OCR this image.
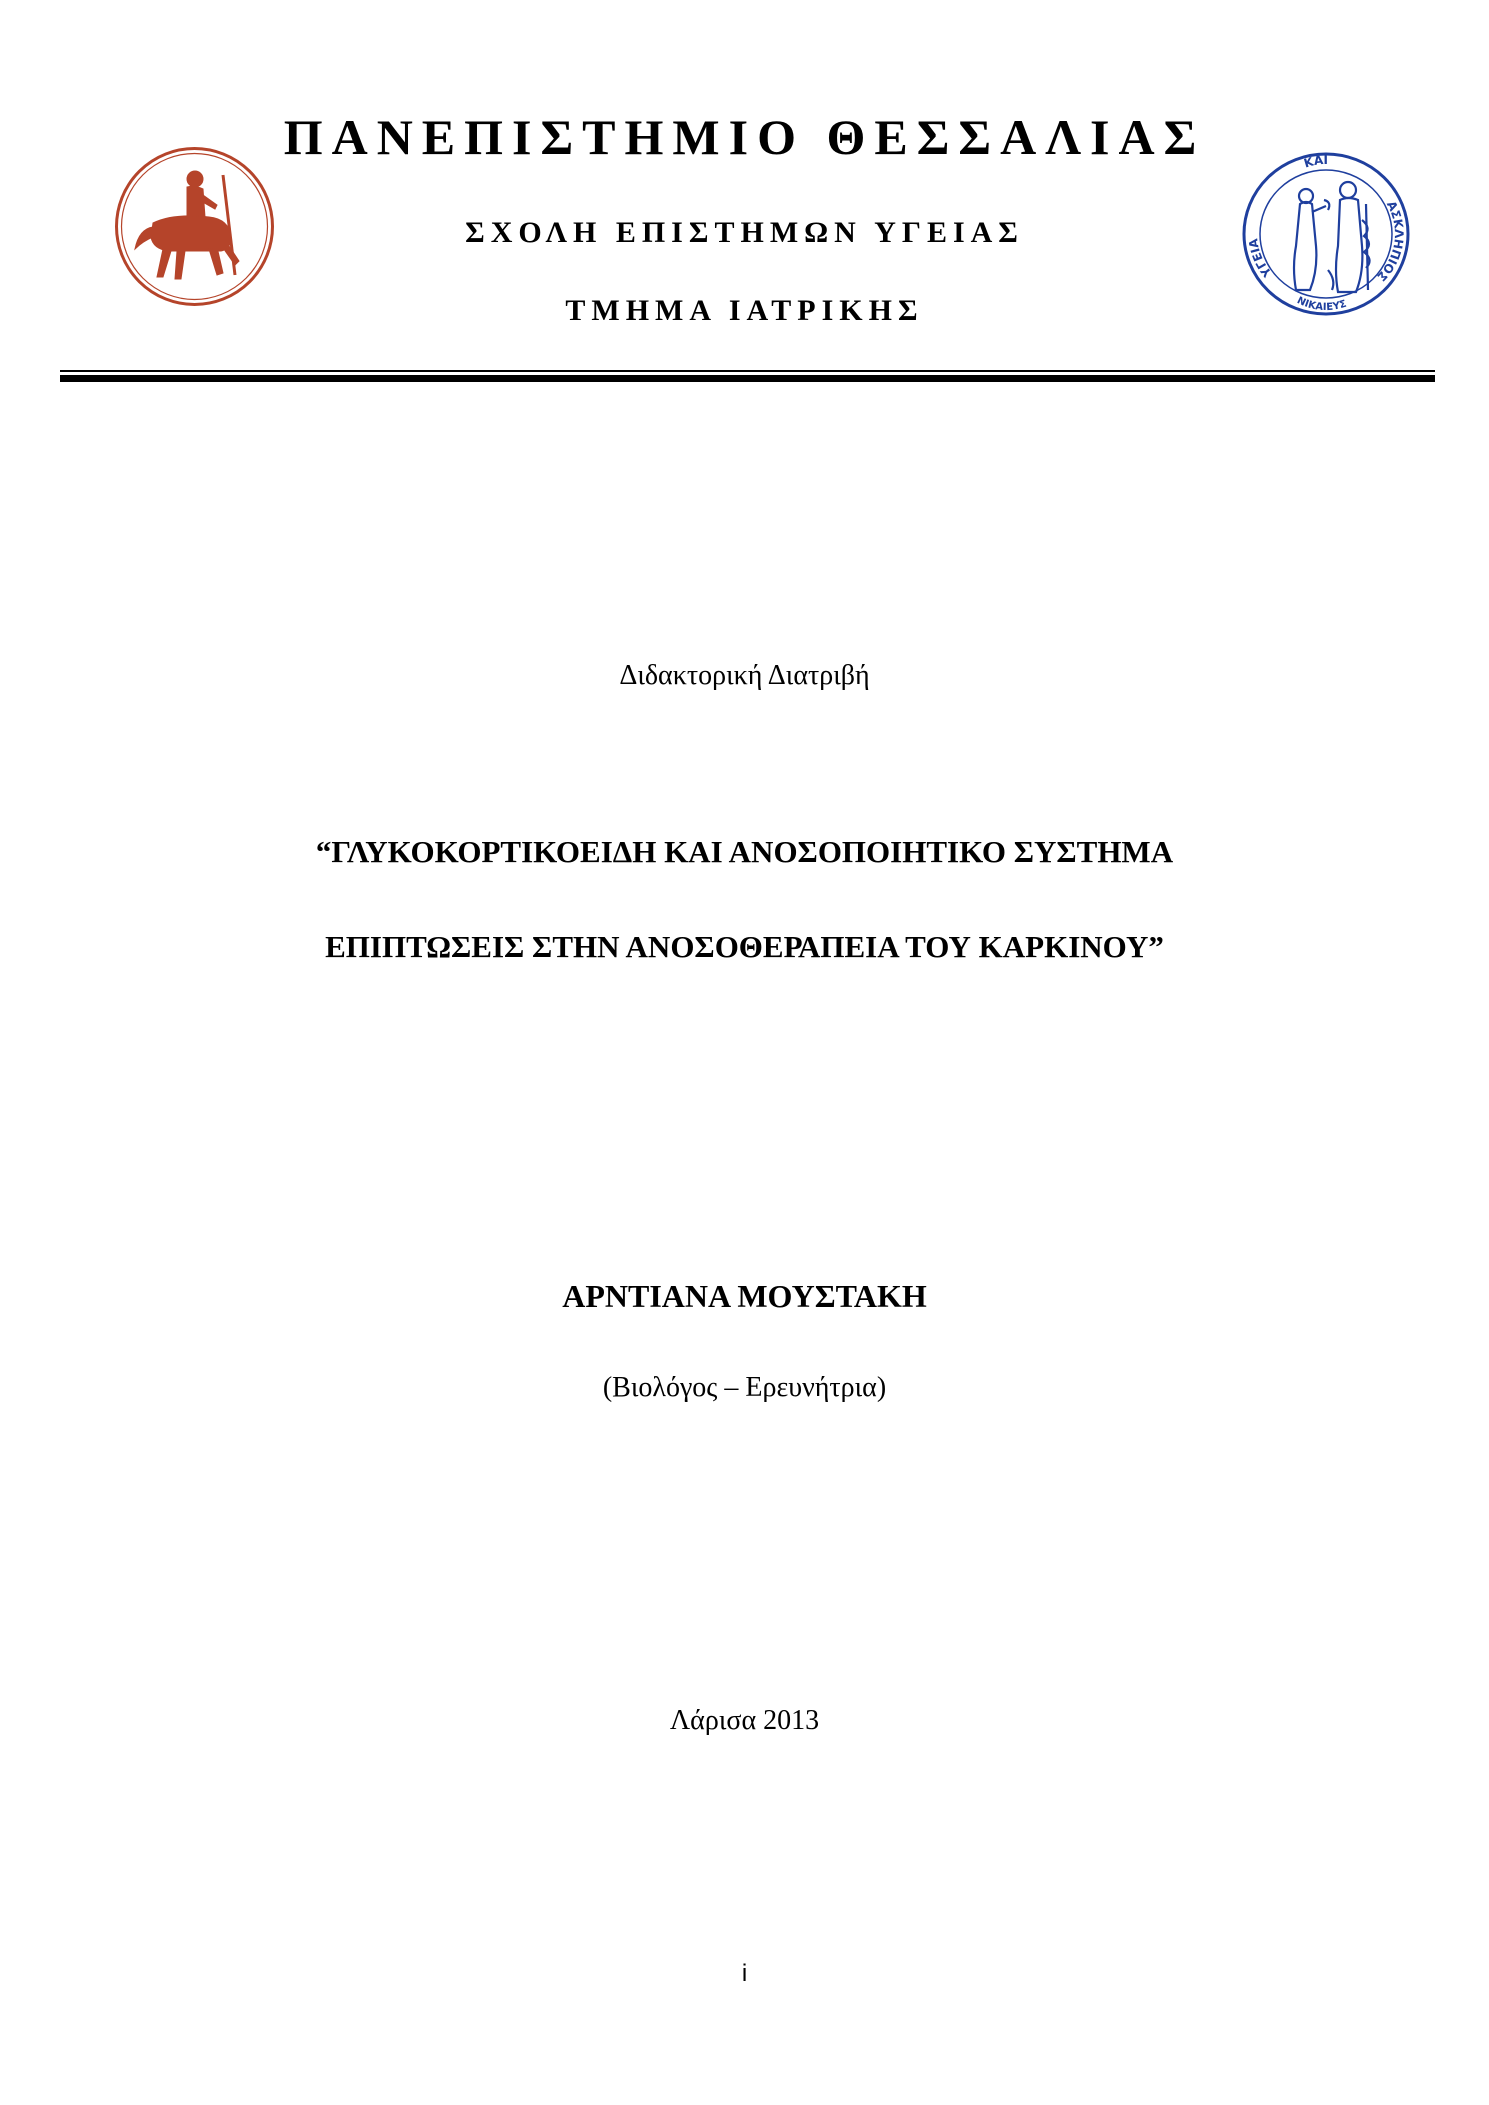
ΠΑΝΕΠΙΣΤΗΜΙΟ ΘΕΣΣΑΛΙΑΣ
ΣΧΟΛΗ ΕΠΙΣΤΗΜΩΝ ΥΓΕΙΑΣ
ΤΜΗΜΑ ΙΑΤΡΙΚΗΣ
ΚΑΙ
ΥΓΕΙΑ
ΑΣΚΛΗΠΙΟΣ
ΝΙΚΑΙΕΥΣ
Διδακτορική Διατριβή
“ΓΛΥΚΟΚΟΡΤΙΚΟΕΙΔΗ ΚΑΙ ΑΝΟΣΟΠΟΙΗΤΙΚΟ ΣΥΣΤΗΜΑ
ΕΠΙΠΤΩΣΕΙΣ ΣΤΗΝ ΑΝΟΣΟΘΕΡΑΠΕΙΑ ΤΟΥ ΚΑΡΚΙΝΟΥ”
ΑΡΝΤΙΑΝΑ ΜΟΥΣΤΑΚΗ
(Βιολόγος – Ερευνήτρια)
Λάρισα 2013
i
